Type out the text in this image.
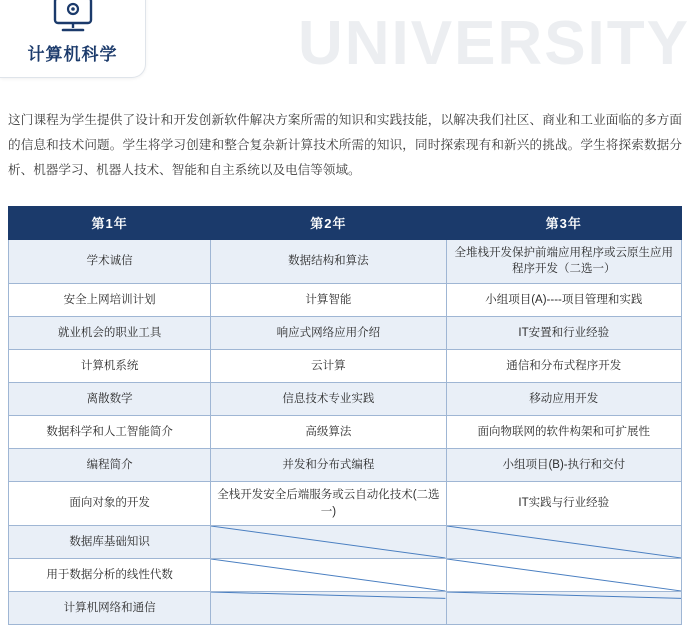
UNIVERSITY
计算机科学

这门课程为学生提供了设计和开发创新软件解决方案所需的知识和实践技能，以解决我们社区、商业和工业面临的多方面的信息和技术问题。学生将学习创建和整合复杂新计算技术所需的知识，同时探索现有和新兴的挑战。学生将探索数据分析、机器学习、机器人技术、智能和自主系统以及电信等领域。

第1年	第2年	第3年
学术诚信	数据结构和算法	全堆栈开发保护前端应用程序或云原生应用程序开发（二选一）
安全上网培训计划	计算智能	小组项目(A)----项目管理和实践
就业机会的职业工具	响应式网络应用介绍	IT安置和行业经验
计算机系统	云计算	通信和分布式程序开发
离散数学	信息技术专业实践	移动应用开发
数据科学和人工智能简介	高级算法	面向物联网的软件构架和可扩展性
编程简介	并发和分布式编程	小组项目(B)-执行和交付
面向对象的开发	全栈开发安全后端服务或云自动化技术(二选一)	IT实践与行业经验
数据库基础知识	

用于数据分析的线性代数	

计算机网络和通信	
